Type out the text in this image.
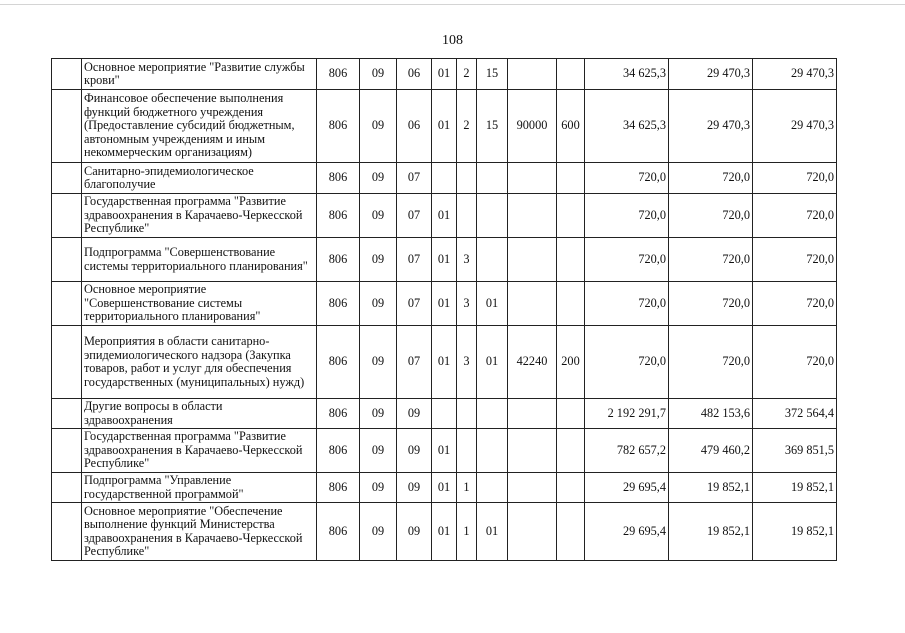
108
	Основное мероприятие "Развитие службы крови"	806	09	06	01	2	15			34 625,3	29 470,3	29 470,3
	Финансовое обеспечение выполнения функций бюджетного учреждения (Предоставление субсидий бюджетным, автономным учреждениям и иным некоммерческим организациям)	806	09	06	01	2	15	90000	600	34 625,3	29 470,3	29 470,3
	Санитарно-эпидемиологическое благополучие	806	09	07						720,0	720,0	720,0
	Государственная программа "Развитие здравоохранения в Карачаево-Черкесской Республике"	806	09	07	01					720,0	720,0	720,0
	Подпрограмма "Совершенствование системы территориального планирования"	806	09	07	01	3				720,0	720,0	720,0
	Основное мероприятие "Совершенствование системы территориального планирования"	806	09	07	01	3	01			720,0	720,0	720,0
	Мероприятия в области санитарно-эпидемиологического надзора (Закупка товаров, работ и услуг для обеспечения государственных (муниципальных) нужд)	806	09	07	01	3	01	42240	200	720,0	720,0	720,0
	Другие вопросы в области здравоохранения	806	09	09						2 192 291,7	482 153,6	372 564,4
	Государственная программа "Развитие здравоохранения в Карачаево-Черкесской Республике"	806	09	09	01					782 657,2	479 460,2	369 851,5
	Подпрограмма "Управление государственной программой"	806	09	09	01	1				29 695,4	19 852,1	19 852,1
	Основное мероприятие "Обеспечение выполнение функций Министерства здравоохранения в Карачаево-Черкесской Республике"	806	09	09	01	1	01			29 695,4	19 852,1	19 852,1
